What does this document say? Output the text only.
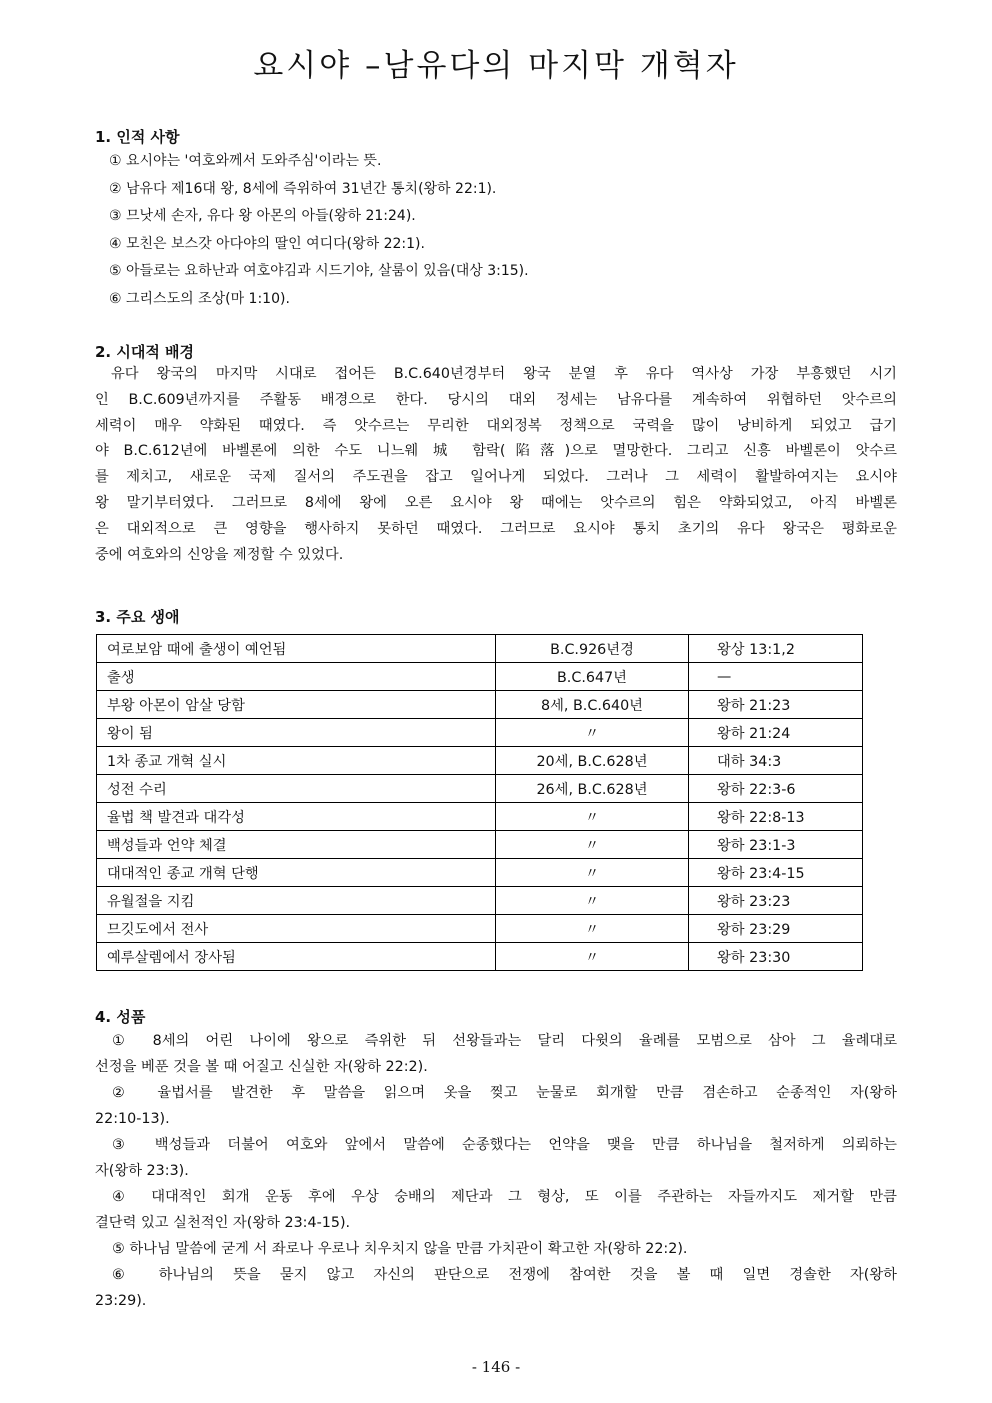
요시야 –남유다의 마지막 개혁자
1. 인적 사항
① 요시야는 '여호와께서 도와주심'이라는 뜻.
② 남유다 제16대 왕, 8세에 즉위하여 31년간 통치(왕하 22:1).
③ 므낫세 손자, 유다 왕 아몬의 아들(왕하 21:24).
④ 모친은 보스갓 아다야의 딸인 여디다(왕하 22:1).
⑤ 아들로는 요하난과 여호야김과 시드기야, 살룸이 있음(대상 3:15).
⑥ 그리스도의 조상(마 1:10).
2. 시대적 배경
유다 왕국의 마지막 시대로 접어든 B.C.640년경부터 왕국 분열 후 유다 역사상 가장 부흥했던 시기
인 B.C.609년까지를 주활동 배경으로 한다. 당시의 대외 정세는 남유다를 계속하여 위협하던 앗수르의
세력이 매우 약화된 때였다. 즉 앗수르는 무리한 대외정복 정책으로 국력을 많이 낭비하게 되었고 급기
야 B.C.612년에 바벨론에 의한 수도 니느웨 城 함락(陷落)으로 멸망한다. 그리고 신흥 바벨론이 앗수르
를 제치고, 새로운 국제 질서의 주도권을 잡고 일어나게 되었다. 그러나 그 세력이 활발하여지는 요시야
왕 말기부터였다. 그러므로 8세에 왕에 오른 요시야 왕 때에는 앗수르의 힘은 약화되었고, 아직 바벨론
은 대외적으로 큰 영향을 행사하지 못하던 때였다. 그러므로 요시야 통치 초기의 유다 왕국은 평화로운
중에 여호와의 신앙을 제정할 수 있었다.
3. 주요 생애
여로보암 때에 출생이 예언됨	B.C.926년경	왕상 13:1,2
출생	B.C.647년	—
부왕 아몬이 암살 당함	8세, B.C.640년	왕하 21:23
왕이 됨	〃	왕하 21:24
1차 종교 개혁 실시	20세, B.C.628년	대하 34:3
성전 수리	26세, B.C.628년	왕하 22:3-6
율법 책 발견과 대각성	〃	왕하 22:8-13
백성들과 언약 체결	〃	왕하 23:1-3
대대적인 종교 개혁 단행	〃	왕하 23:4-15
유월절을 지킴	〃	왕하 23:23
므깃도에서 전사	〃	왕하 23:29
예루살렘에서 장사됨	〃	왕하 23:30
4. 성품
① 8세의 어린 나이에 왕으로 즉위한 뒤 선왕들과는 달리 다윗의 율례를 모범으로 삼아 그 율례대로
선정을 베푼 것을 볼 때 어질고 신실한 자(왕하 22:2).
② 율법서를 발견한 후 말씀을 읽으며 옷을 찢고 눈물로 회개할 만큼 겸손하고 순종적인 자(왕하
22:10-13).
③ 백성들과 더불어 여호와 앞에서 말씀에 순종했다는 언약을 맺을 만큼 하나님을 철저하게 의뢰하는
자(왕하 23:3).
④ 대대적인 회개 운동 후에 우상 숭배의 제단과 그 형상, 또 이를 주관하는 자들까지도 제거할 만큼
결단력 있고 실천적인 자(왕하 23:4-15).
⑤ 하나님 말씀에 굳게 서 좌로나 우로나 치우치지 않을 만큼 가치관이 확고한 자(왕하 22:2).
⑥ 하나님의 뜻을 묻지 않고 자신의 판단으로 전쟁에 참여한 것을 볼 때 일면 경솔한 자(왕하
23:29).
- 146 -
